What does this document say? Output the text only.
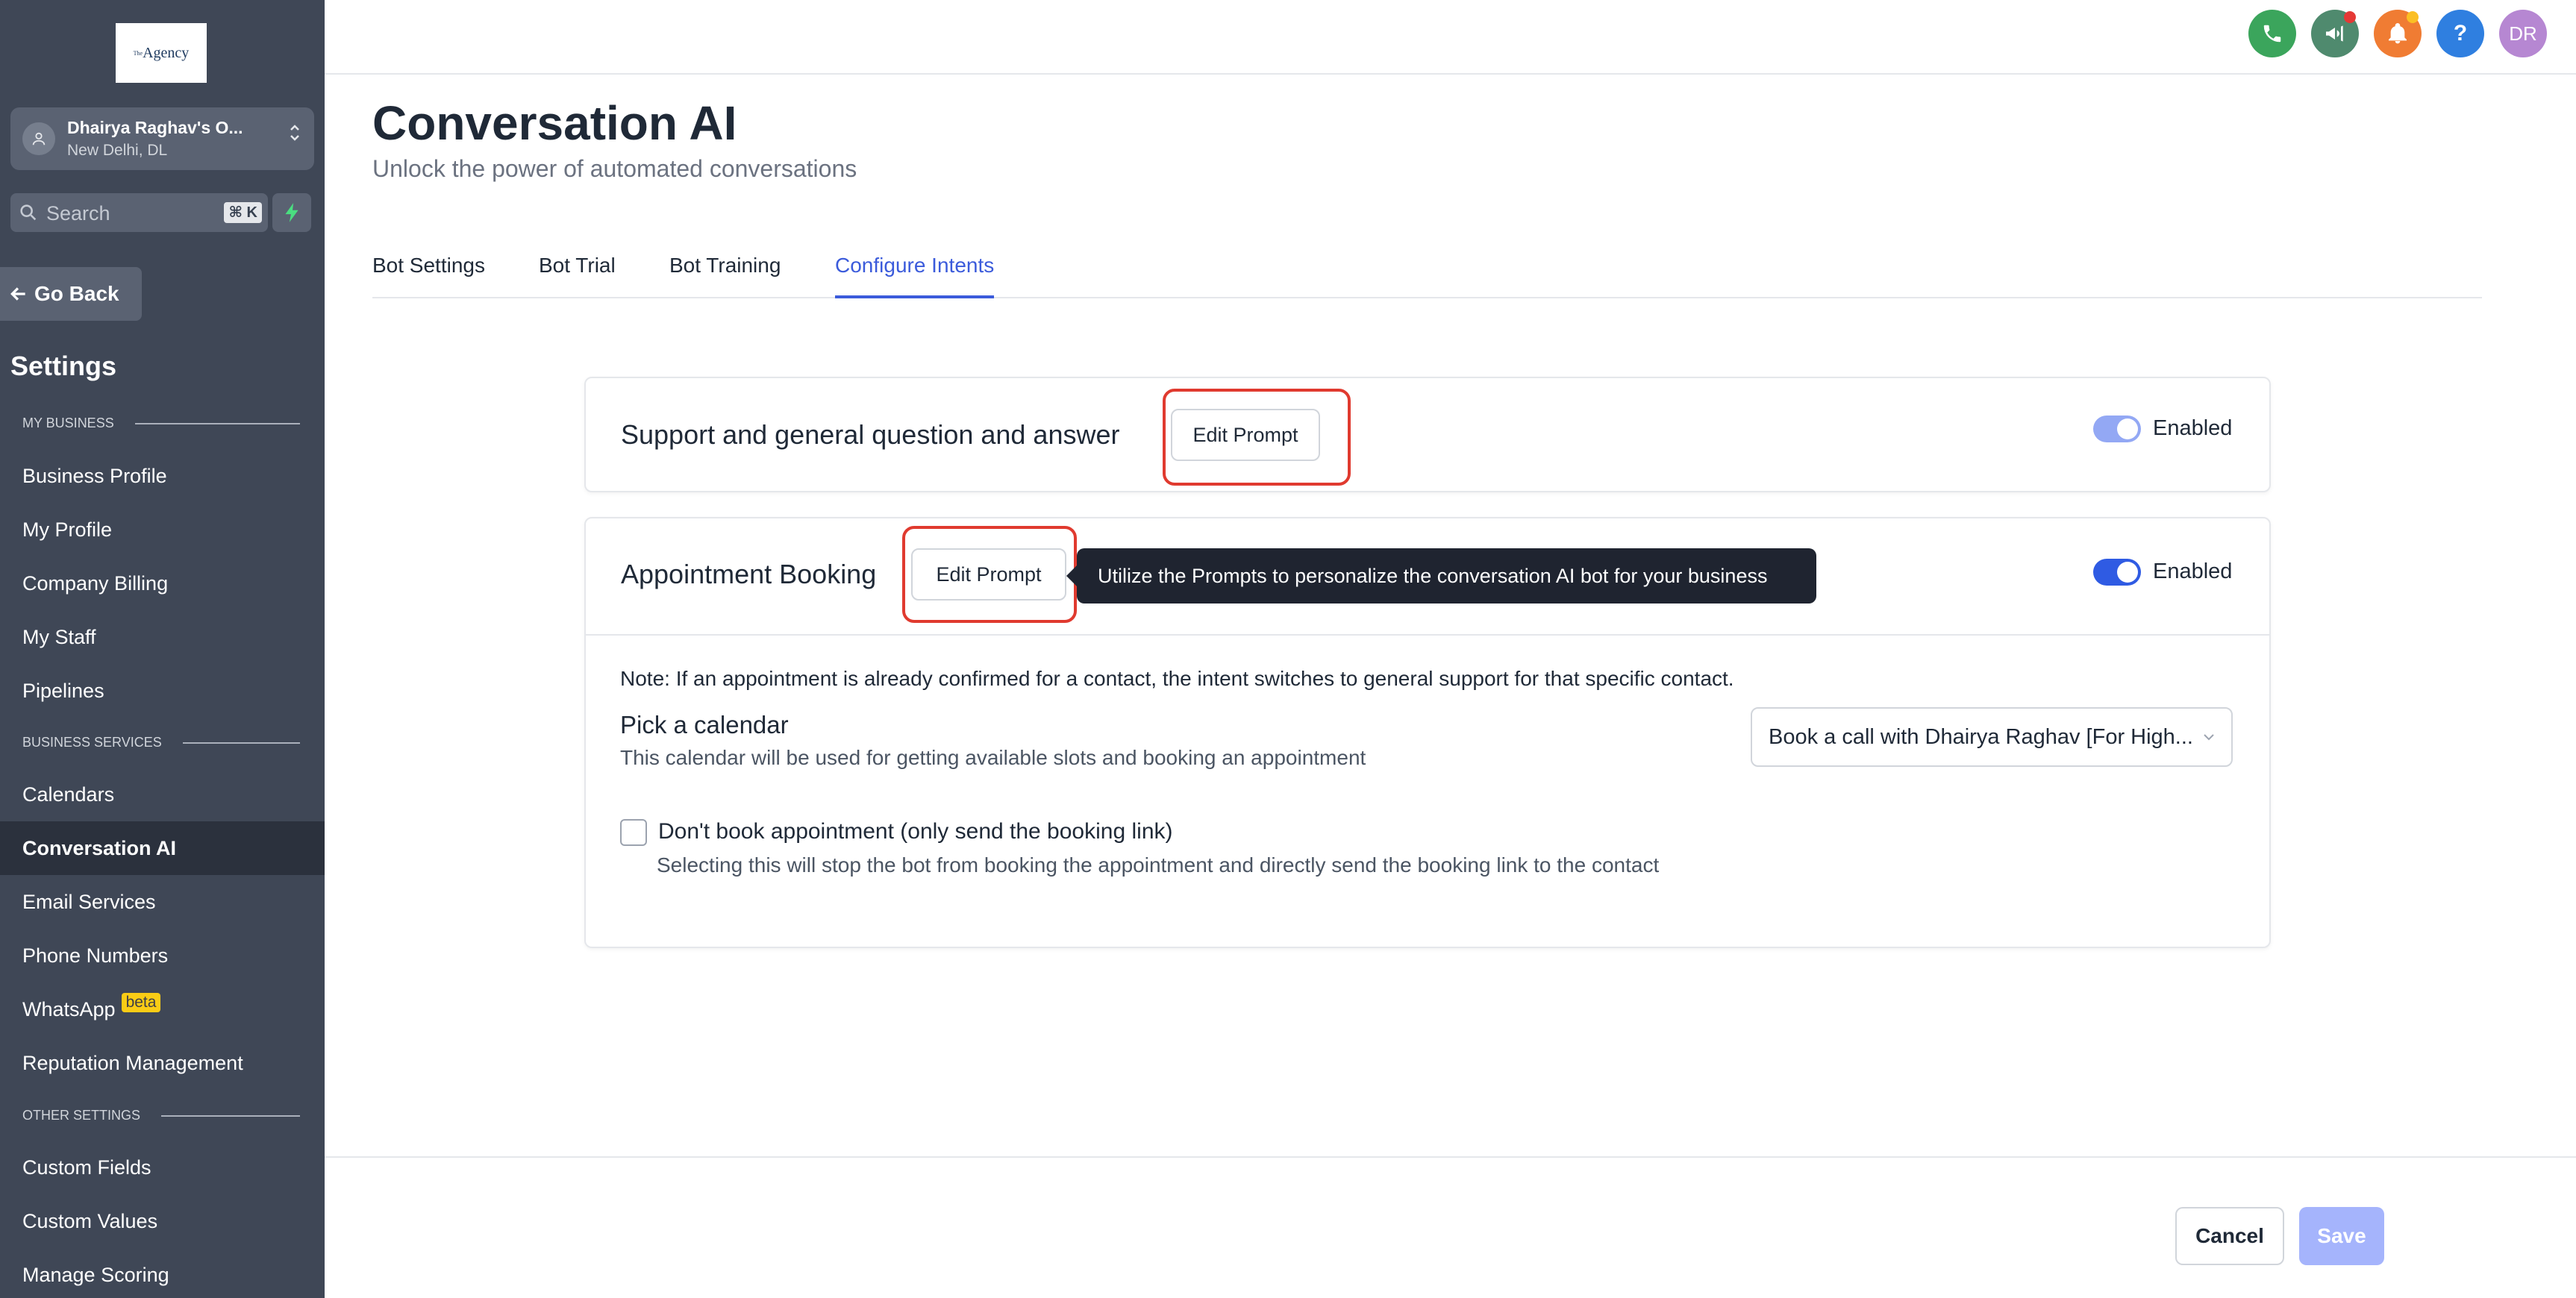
The Agency
Dhairya Raghav's O...
New Delhi, DL
Search	⌘ K
Go Back
Settings
MY BUSINESS
Business Profile
My Profile
Company Billing
My Staff
Pipelines
BUSINESS SERVICES
Calendars
Conversation AI
Email Services
Phone Numbers
WhatsApp beta
Reputation Management
OTHER SETTINGS
Custom Fields
Custom Values
Manage Scoring
? DR
Conversation AI
Unlock the power of automated conversations
Bot Settings	Bot Trial	Bot Training	Configure Intents
Support and general question and answer	Edit Prompt	Enabled
Appointment Booking	Edit Prompt	Enabled
Utilize the Prompts to personalize the conversation AI bot for your business

Note: If an appointment is already confirmed for a contact, the intent switches to general support for that specific contact.

Pick a calendar
This calendar will be used for getting available slots and booking an appointment
Book a call with Dhairya Raghav [For High...
Don't book appointment (only send the booking link)
Selecting this will stop the bot from booking the appointment and directly send the booking link to the contact
Cancel	Save
